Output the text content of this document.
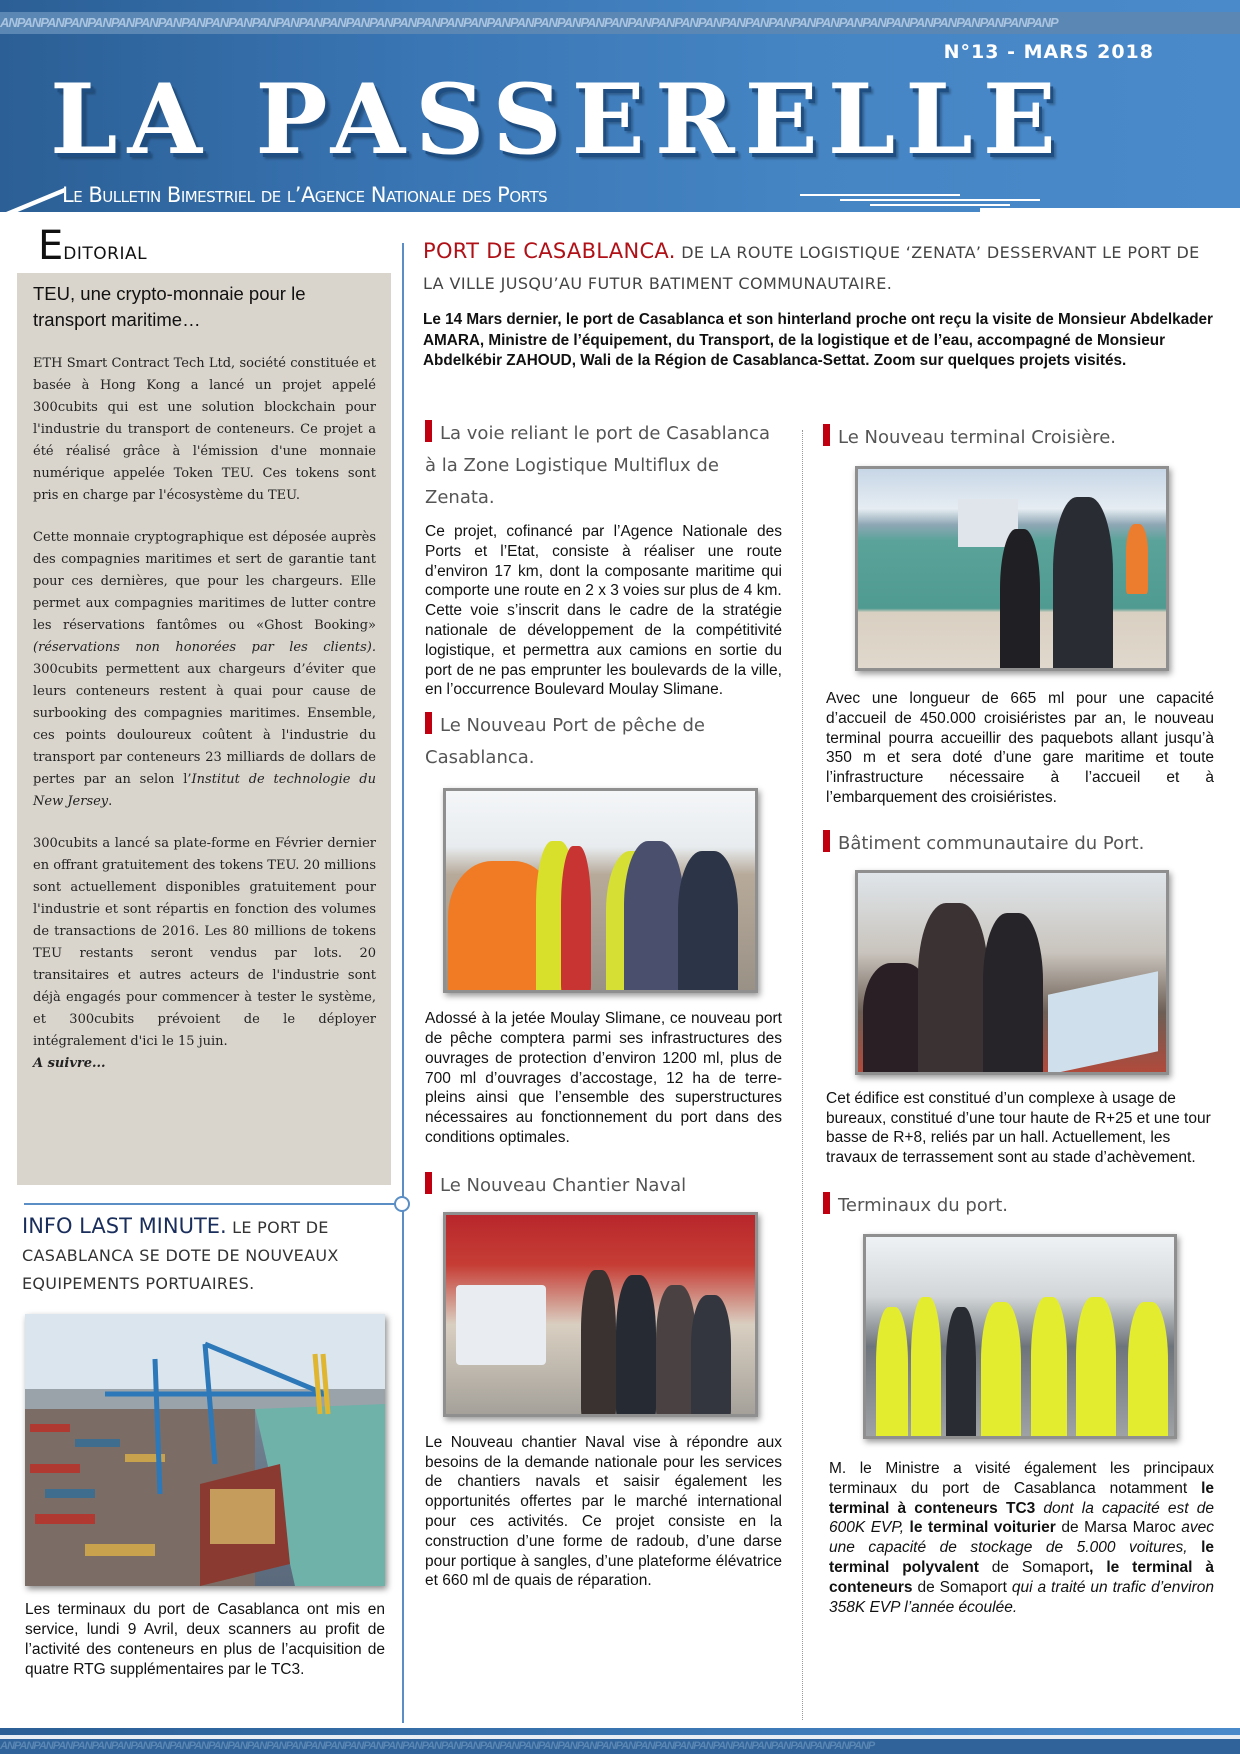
ANPANPANPANPANPANPANPANPANPANPANPANPANPANPANPANPANPANPANPANPANPANPANPANPANPANPANPANPANPANPANPANPANPANPANPANPANPANPANPANPANPANPANPANPANP
N°13 - MARS 2018
LA PASSERELLE
Le Bulletin Bimestriel de l’Agence Nationale des Ports
EDITORIAL
TEU, une crypto-monnaie pour le transport maritime…

ETH Smart Contract Tech Ltd, société constituée et basée à Hong Kong a lancé un projet appelé 300cubits qui est une solution blockchain pour l'industrie du transport de conteneurs. Ce projet a été réalisé grâce à l'émission d'une monnaie numérique appelée Token TEU. Ces tokens sont pris en charge par l'écosystème du TEU.

Cette monnaie cryptographique est déposée auprès des compagnies maritimes et sert de garantie tant pour ces dernières, que pour les chargeurs. Elle permet aux compagnies maritimes de lutter contre les réservations fantômes ou «Ghost Booking» (réservations non honorées par les clients). 300cubits permettent aux chargeurs d’éviter que leurs conteneurs restent à quai pour cause de surbooking des compagnies maritimes. Ensemble, ces points douloureux coûtent à l'industrie du transport par conteneurs 23 milliards de dollars de pertes par an selon l’Institut de technologie du New Jersey.

300cubits a lancé sa plate-forme en Février dernier en offrant gratuitement des tokens TEU. 20 millions sont actuellement disponibles gratuitement pour l'industrie et sont répartis en fonction des volumes de transactions de 2016. Les 80 millions de tokens TEU restants seront vendus par lots. 20 transitaires et autres acteurs de l'industrie sont déjà engagés pour commencer à tester le système, et 300cubits prévoient de le déployer intégralement d'ici le 15 juin.
A suivre...

INFO LAST MINUTE. LE PORT DE CASABLANCA SE DOTE DE NOUVEAUX EQUIPEMENTS PORTUAIRES.

Les terminaux du port de Casablanca ont mis en service, lundi 9 Avril, deux scanners au profit de l’activité des conteneurs en plus de l’acquisition de quatre RTG supplémentaires par le TC3.

PORT DE CASABLANCA. DE LA ROUTE LOGISTIQUE ‘ZENATA’ DESSERVANT LE PORT DE LA VILLE JUSQU’AU FUTUR BATIMENT COMMUNAUTAIRE.

Le 14 Mars dernier, le port de Casablanca et son hinterland proche ont reçu la visite de Monsieur Abdelkader AMARA, Ministre de l’équipement, du Transport, de la logistique et de l’eau, accompagné de Monsieur Abdelkébir ZAHOUD, Wali de la Région de Casablanca-Settat. Zoom sur quelques projets visités.

La voie reliant le port de Casablanca à la Zone Logistique Multiflux de Zenata.

Ce projet, cofinancé par l’Agence Nationale des Ports et l’Etat, consiste à réaliser une route d’environ 17 km, dont la composante maritime qui comporte une route en 2 x 3 voies sur plus de 4 km.
Cette voie s’inscrit dans le cadre de la stratégie nationale de développement de la compétitivité logistique, et permettra aux camions en sortie du port de ne pas emprunter les boulevards de la ville, en l’occurrence Boulevard Moulay Slimane.

Le Nouveau Port de pêche de Casablanca.

Adossé à la jetée Moulay Slimane, ce nouveau port de pêche comptera parmi ses infrastructures des ouvrages de protection d’environ 1200 ml, plus de 700 ml d’ouvrages d’accostage, 12 ha de terre-pleins ainsi que l’ensemble des superstructures nécessaires au fonctionnement du port dans des conditions optimales.

Le Nouveau Chantier Naval

Le Nouveau chantier Naval vise à répondre aux besoins de la demande nationale pour les services de chantiers navals et saisir également les opportunités offertes par le marché international pour ces activités. Ce projet consiste en la construction d’une forme de radoub, d’une darse pour portique à sangles, d’une plateforme élévatrice et 660 ml de quais de réparation.

Le Nouveau terminal Croisière.

Avec une longueur de 665 ml pour une capacité d’accueil de 450.000 croisiéristes par an, le nouveau terminal pourra accueillir des paquebots allant jusqu’à 350 m et sera doté d’une gare maritime et toute l’infrastructure nécessaire à l’accueil et à l’embarquement des croisiéristes.

Bâtiment communautaire du Port.

Cet édifice est constitué d’un complexe à usage de bureaux, constitué d’une tour haute de R+25 et une tour basse de R+8, reliés par un hall. Actuellement, les travaux de terrassement sont au stade d’achèvement.

Terminaux du port.

M. le Ministre a visité également les principaux terminaux du port de Casablanca notamment le terminal à conteneurs TC3 dont la capacité est de 600K EVP, le terminal voiturier de Marsa Maroc avec une capacité de stockage de 5.000 voitures, le terminal polyvalent de Somaport, le terminal à conteneurs de Somaport qui a traité un trafic d’environ 358K EVP l’année écoulée.

ANPANPANPANPANPANPANPANPANPANPANPANPANPANPANPANPANPANPANPANPANPANPANPANPANPANPANPANPANPANPANPANPANPANPANPANPANPANPANPANPANPANPANPANPANP
